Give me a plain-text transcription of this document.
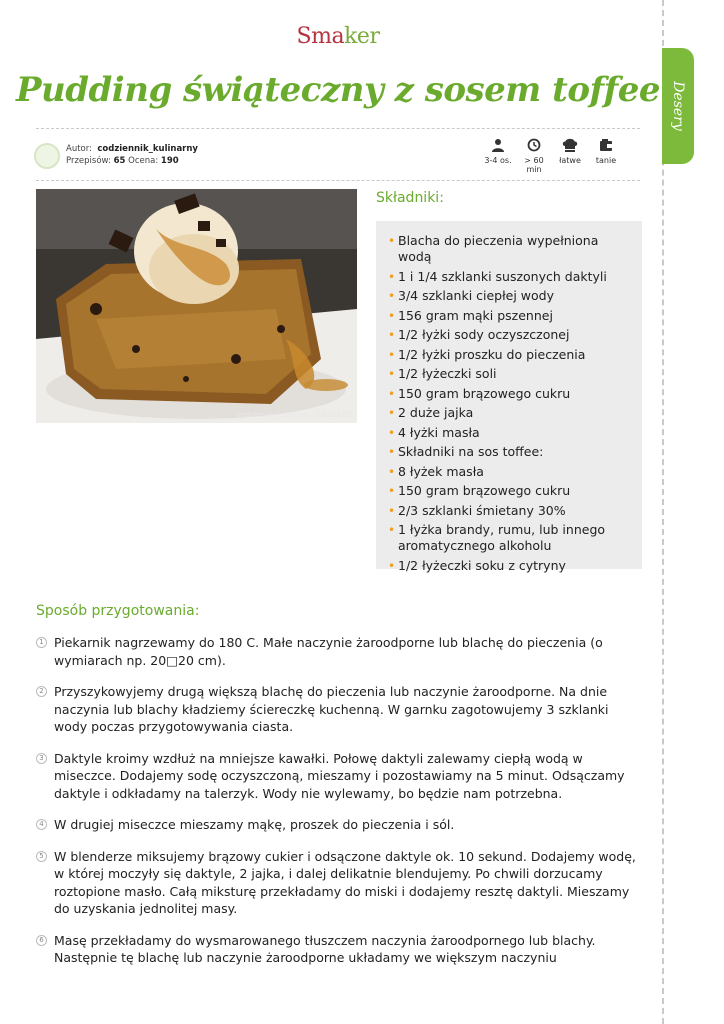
Smaker
Pudding świąteczny z sosem toffee Desery
Autor: codziennik_kulinarny
Przepisów: 65 Ocena: 190	3-4 os.	> 60 min
łatwe	tanie
codziennik_kulinarny Smaker
Składniki:
• Blacha do pieczenia wypełniona wodą
• 1 i 1/4 szklanki suszonych daktyli
• 3/4 szklanki ciepłej wody
• 156 gram mąki pszennej
• 1/2 łyżki sody oczyszczonej
• 1/2 łyżki proszku do pieczenia
• 1/2 łyżeczki soli
• 150 gram brązowego cukru
• 2 duże jajka
• 4 łyżki masła
• Składniki na sos toffee:
• 8 łyżek masła
• 150 gram brązowego cukru
• 2/3 szklanki śmietany 30%
• 1 łyżka brandy, rumu, lub innego aromatycznego alkoholu
• 1/2 łyżeczki soku z cytryny
Sposób przygotowania:
1 Piekarnik nagrzewamy do 180 C. Małe naczynie żaroodporne lub blachę do pieczenia (o wymiarach np. 20□20 cm).
2 Przyszykowyjemy drugą większą blachę do pieczenia lub naczynie żaroodporne. Na dnie naczynia lub blachy kładziemy ściereczkę kuchenną. W garnku zagotowujemy 3 szklanki wody poczas przygotowywania ciasta.
3 Daktyle kroimy wzdłuż na mniejsze kawałki. Połowę daktyli zalewamy ciepłą wodą w miseczce. Dodajemy sodę oczyszczoną, mieszamy i pozostawiamy na 5 minut. Odsączamy daktyle i odkładamy na talerzyk. Wody nie wylewamy, bo będzie nam potrzebna.
4 W drugiej miseczce mieszamy mąkę, proszek do pieczenia i sól.
5 W blenderze miksujemy brązowy cukier i odsączone daktyle ok. 10 sekund. Dodajemy wodę, w której moczyły się daktyle, 2 jajka, i dalej delikatnie blendujemy. Po chwili dorzucamy roztopione masło. Całą miksturę przekładamy do miski i dodajemy resztę daktyli. Mieszamy do uzyskania jednolitej masy.
6 Masę przekładamy do wysmarowanego tłuszczem naczynia żaroodpornego lub blachy. Następnie tę blachę lub naczynie żaroodporne układamy we większym naczyniu
